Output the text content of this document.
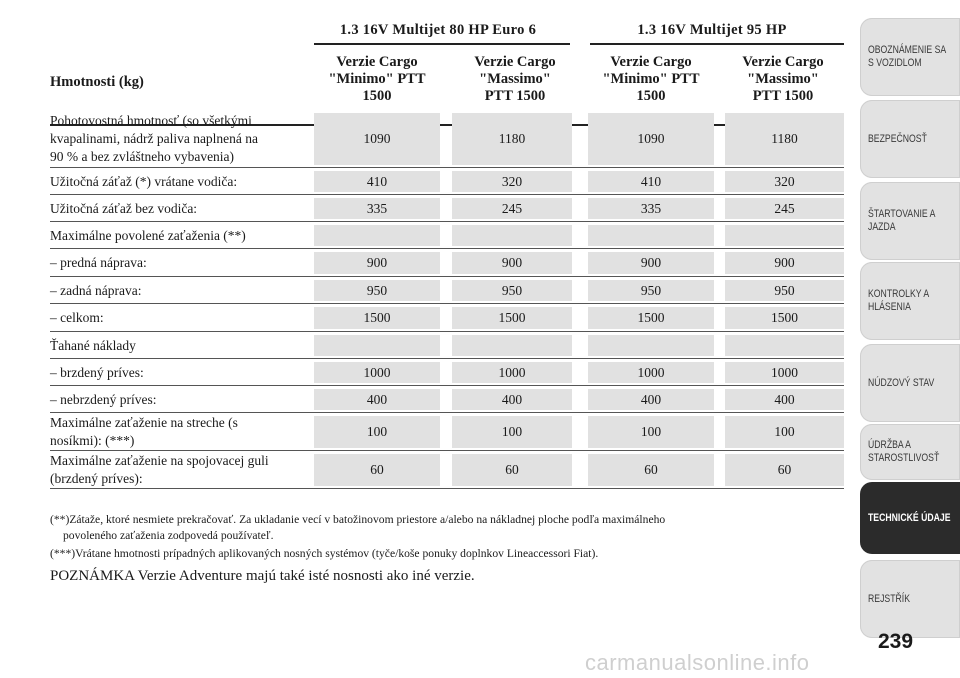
1.3 16V Multijet 80 HP Euro 6	1.3 16V Multijet 95 HP
Hmotnosti (kg)
Verzie Cargo
"Minimo" PTT
1500
Verzie Cargo
"Massimo"
PTT 1500
Verzie Cargo
"Minimo" PTT
1500
Verzie Cargo
"Massimo"
PTT 1500
Pohotovostná hmotnosť (so všetkými
kvapalinami, nádrž paliva naplnená na
90 % a bez zvláštneho vybavenia)
1090	1180	1090	1180
Užitočná záťaž (*) vrátane vodiča:	410	320	410	320
Užitočná záťaž bez vodiča:	335	245	335	245
Maximálne povolené zaťaženia (**)
– predná náprava:	900	900	900	900
– zadná náprava:	950	950	950	950
– celkom:	1500	1500	1500	1500
Ťahané náklady
– brzdený príves:	1000	1000	1000	1000
– nebrzdený príves:	400	400	400	400
Maximálne zaťaženie na streche (s
nosíkmi): (***)
100	100	100	100
Maximálne zaťaženie na spojovacej guli
(brzdený príves):
60	60	60	60
(**)Zátaže, ktoré nesmiete prekračovať. Za ukladanie vecí v batožinovom priestore a/alebo na nákladnej ploche podľa maximálneho
povoleného zaťaženia zodpovedá používateľ.
(***)Vrátane hmotnosti prípadných aplikovaných nosných systémov (tyče/koše ponuky doplnkov Lineaccessori Fiat).
POZNÁMKA Verzie Adventure majú také isté nosnosti ako iné verzie.
OBOZNÁMENIE SA
S VOZIDLOM
BEZPEČNOSŤ
ŠTARTOVANIE A
JAZDA
KONTROLKY A
HLÁSENIA
NÚDZOVÝ STAV
ÚDRŽBA A
STAROSTLIVOSŤ
TECHNICKÉ ÚDAJE
REJSTŘÍK
239
carmanualsonline.info
